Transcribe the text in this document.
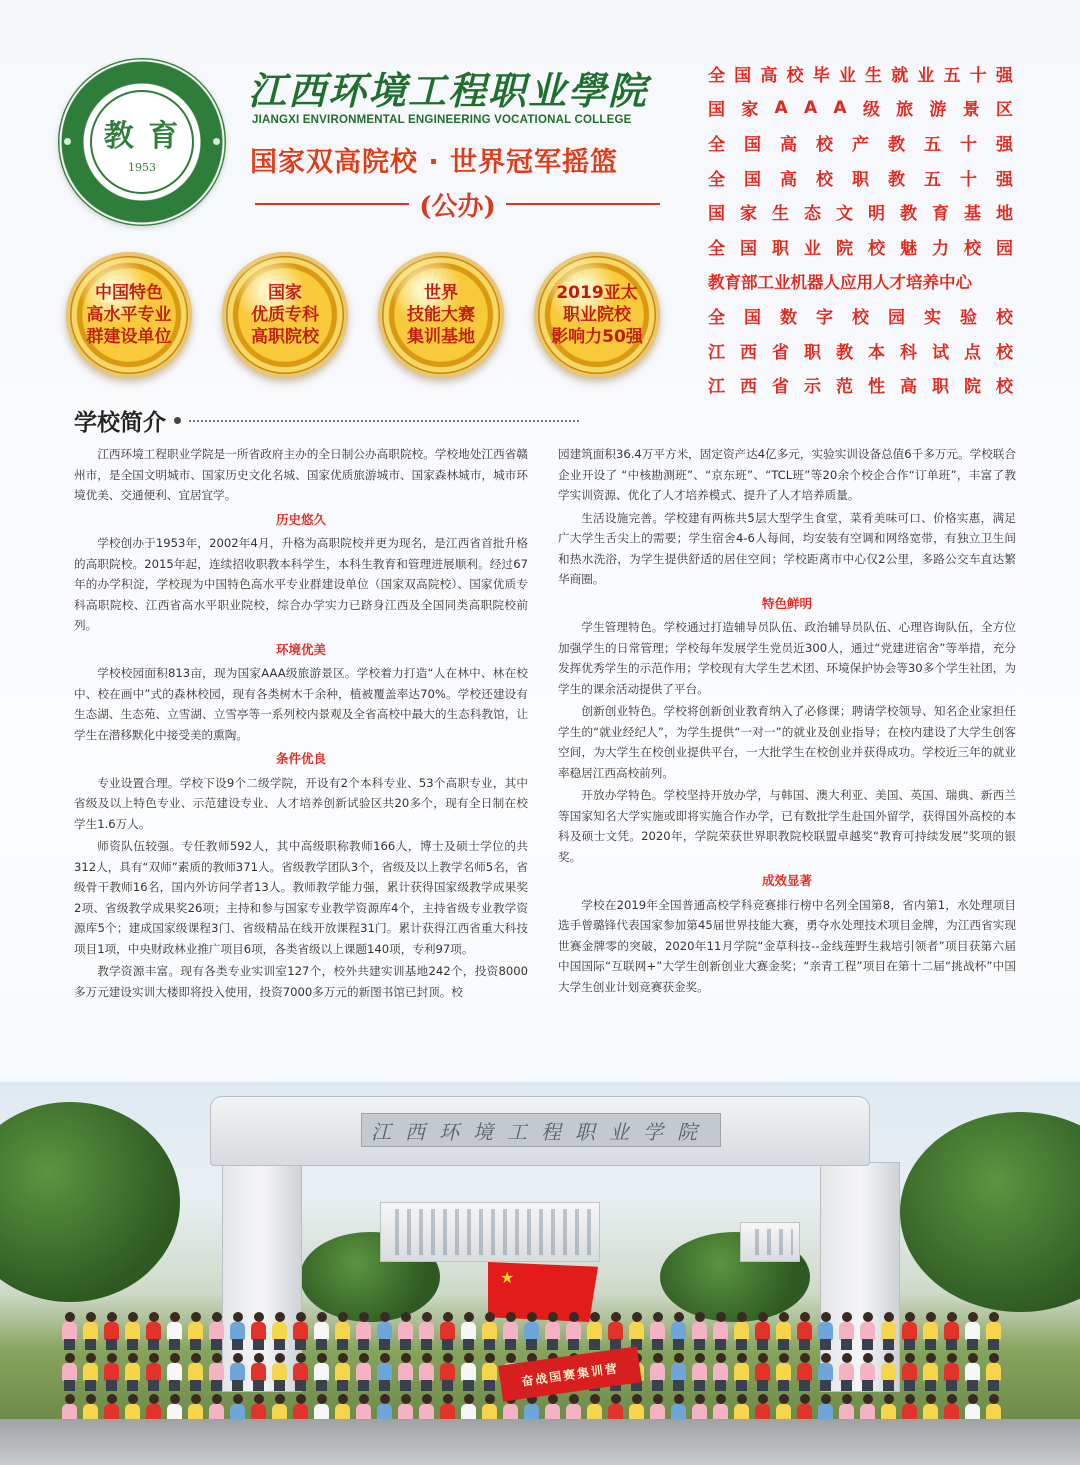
教 育
1953
江西环境工程职业學院
JIANGXI ENVIRONMENTAL ENGINEERING VOCATIONAL COLLEGE
国家双高院校 · 世界冠军摇篮
(公办)
全 国 高 校 毕 业 生 就 业 五 十 强
国 家 A A A 级 旅 游 景 区
全 国 高 校 产 教 五 十 强
全 国 高 校 职 教 五 十 强
国 家 生 态 文 明 教 育 基 地
全 国 职 业 院 校 魅 力 校 园
教育部工业机器人应用人才培养中心
全 国 数 字 校 园 实 验 校
江 西 省 职 教 本 科 试 点 校
江 西 省 示 范 性 高 职 院 校
中国特色
高水平专业
群建设单位
国家
优质专科
高职院校
世界
技能大赛
集训基地
2019亚太
职业院校
影响力50强
学校简介

江西环境工程职业学院是一所省政府主办的全日制公办高职院校。学校地处江西省赣州市，是全国文明城市、国家历史文化名城、国家优质旅游城市、国家森林城市，城市环境优美、交通便利、宜居宜学。

历史悠久

学校创办于1953年，2002年4月，升格为高职院校并更为现名，是江西省首批升格的高职院校。2015年起，连续招收职教本科学生，本科生教育和管理进展顺利。经过67年的办学积淀，学校现为中国特色高水平专业群建设单位（国家双高院校）、国家优质专科高职院校、江西省高水平职业院校，综合办学实力已跻身江西及全国同类高职院校前列。

环境优美

学校校园面积813亩，现为国家AAA级旅游景区。学校着力打造“人在林中、林在校中、校在画中”式的森林校园，现有各类树木千余种，植被覆盖率达70%。学校还建设有生态湖、生态苑、立雪湖、立雪亭等一系列校内景观及全省高校中最大的生态科教馆，让学生在潜移默化中接受美的熏陶。

条件优良

专业设置合理。学校下设9个二级学院，开设有2个本科专业、53个高职专业，其中省级及以上特色专业、示范建设专业、人才培养创新试验区共20多个，现有全日制在校学生1.6万人。

师资队伍较强。专任教师592人，其中高级职称教师166人，博士及硕士学位的共312人，具有“双师”素质的教师371人。省级教学团队3个，省级及以上教学名师5名，省级骨干教师16名，国内外访问学者13人。教师教学能力强，累计获得国家级教学成果奖2项、省级教学成果奖26项；主持和参与国家专业教学资源库4个，主持省级专业教学资源库5个；建成国家级课程3门、省级精品在线开放课程31门。累计获得江西省重大科技项目1项，中央财政林业推广项目6项，各类省级以上课题140项，专利97项。

教学资源丰富。现有各类专业实训室127个，校外共建实训基地242个，投资8000多万元建设实训大楼即将投入使用，投资7000多万元的新图书馆已封顶。校

园建筑面积36.4万平方米，固定资产达4亿多元，实验实训设备总值6千多万元。学校联合企业开设了 “中核勘测班”、“京东班”、“TCL班”等20余个校企合作“订单班”，丰富了教学实训资源、优化了人才培养模式、提升了人才培养质量。

生活设施完善。学校建有两栋共5层大型学生食堂，菜肴美味可口、价格实惠，满足广大学生舌尖上的需要；学生宿舍4-6人每间，均安装有空调和网络宽带，有独立卫生间和热水洗浴，为学生提供舒适的居住空间；学校距离市中心仅2公里，多路公交车直达繁华商圈。

特色鲜明

学生管理特色。学校通过打造辅导员队伍、政治辅导员队伍、心理咨询队伍，全方位加强学生的日常管理；学校每年发展学生党员近300人，通过“党建进宿舍”等举措，充分发挥优秀学生的示范作用；学校现有大学生艺术团、环境保护协会等30多个学生社团，为学生的课余活动提供了平台。

创新创业特色。学校将创新创业教育纳入了必修课；聘请学校领导、知名企业家担任学生的“就业经纪人”，为学生提供“一对一”的就业及创业指导；在校内建设了大学生创客空间，为大学生在校创业提供平台，一大批学生在校创业并获得成功。学校近三年的就业率稳居江西高校前列。

开放办学特色。学校坚持开放办学，与韩国、澳大利亚、美国、英国、瑞典、新西兰等国家知名大学实施或即将实施合作办学，已有数批学生赴国外留学，获得国外高校的本科及硕士文凭。2020年，学院荣获世界职教院校联盟卓越奖“教育可持续发展”奖项的银奖。

成效显著

学校在2019年全国普通高校学科竞赛排行榜中名列全国第8，省内第1，水处理项目选手曾璐锋代表国家参加第45届世界技能大赛，勇夺水处理技术项目金牌，为江西省实现世赛金牌零的突破，2020年11月学院“金草科技--金线莲野生栽培引领者”项目获第六届中国国际“互联网+”大学生创新创业大赛金奖；“亲青工程”项目在第十二届“挑战杯”中国大学生创业计划竞赛获金奖。

江西环境工程职业学院
★
奋战国赛集训营
